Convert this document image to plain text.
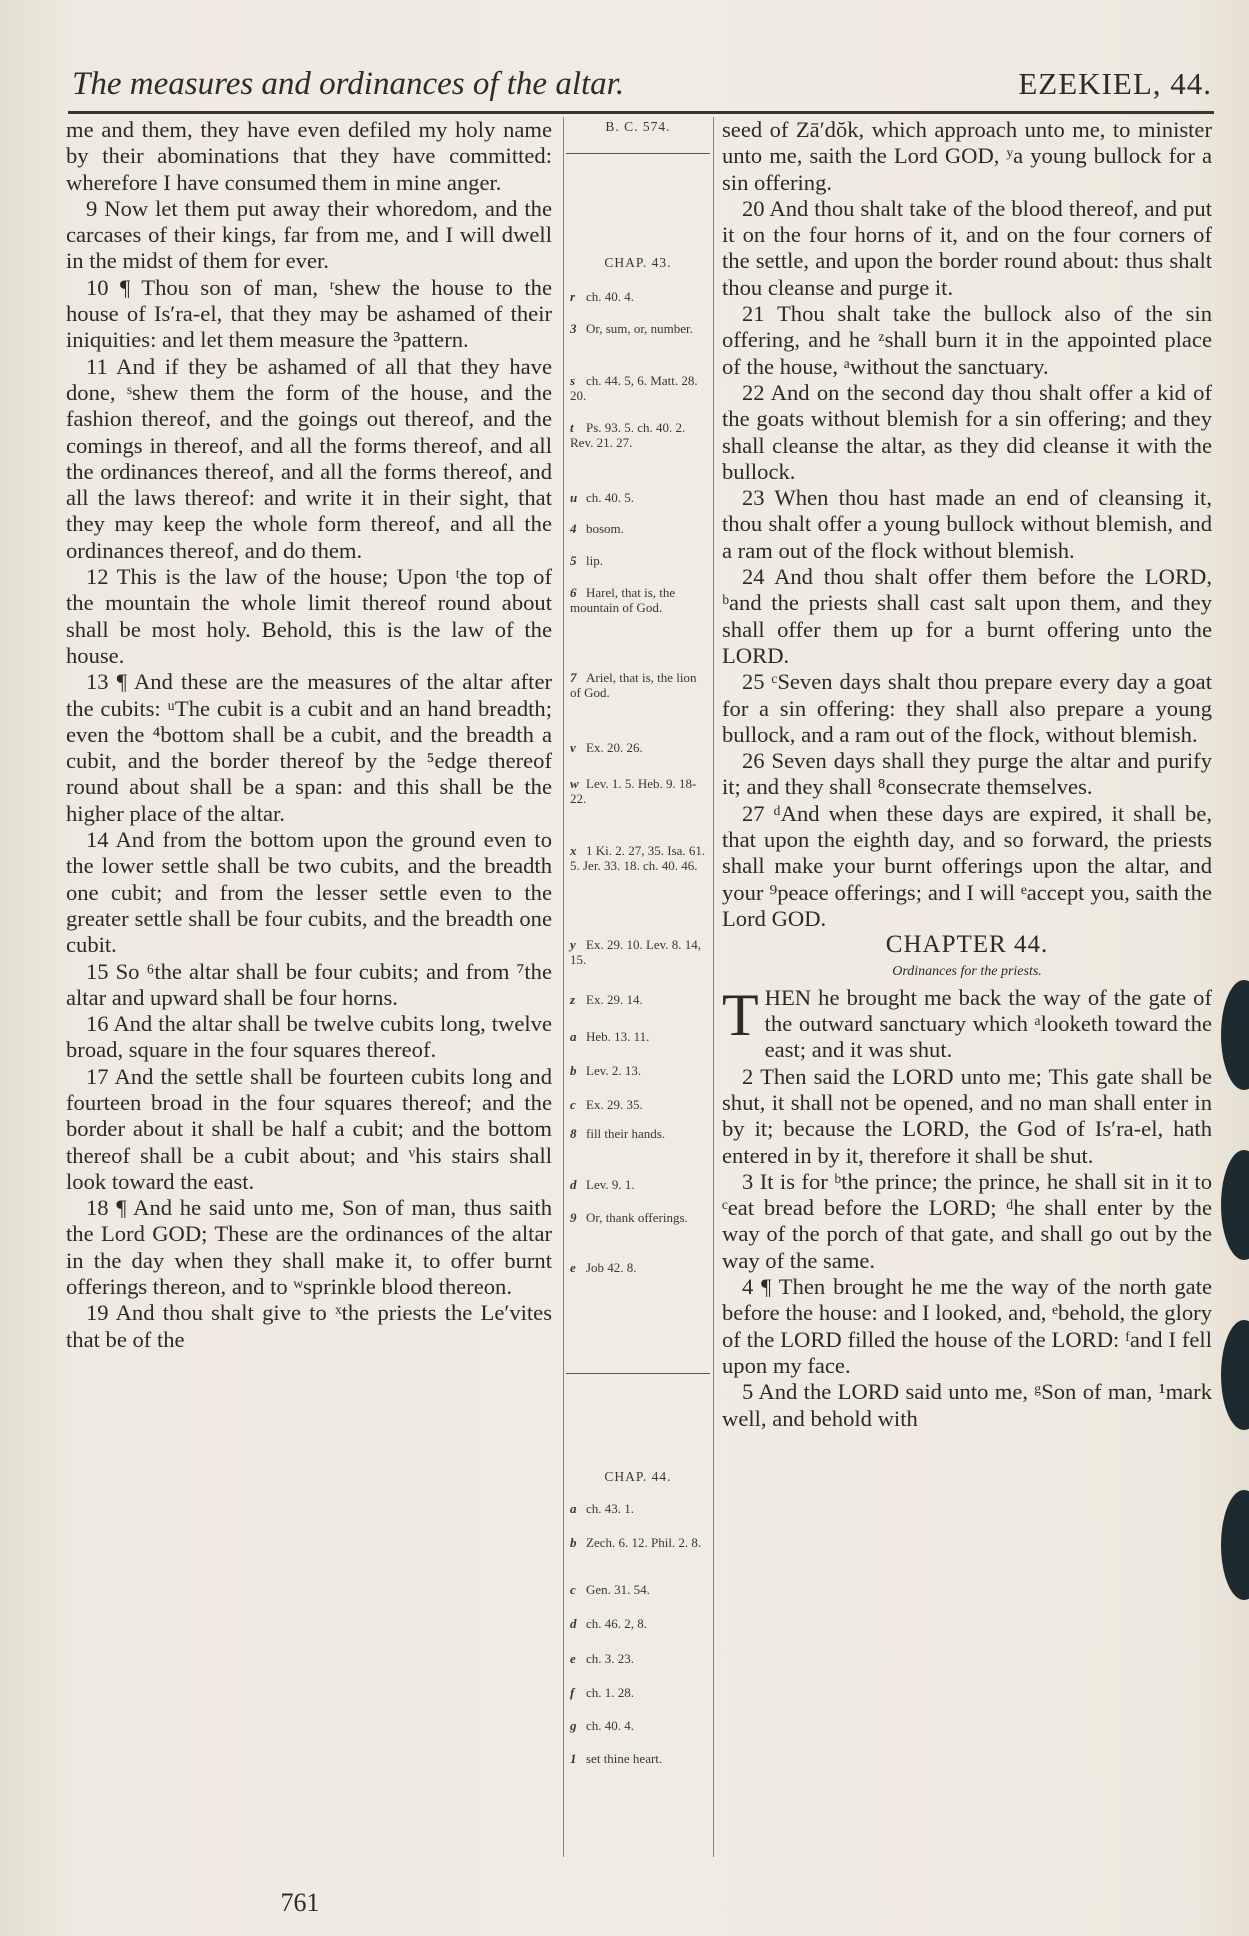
The measures and ordinances of the altar.	EZEKIEL, 44.

me and them, they have even defiled my holy name by their abominations that they have committed: wherefore I have consumed them in mine anger.

9 Now let them put away their whoredom, and the carcases of their kings, far from me, and I will dwell in the midst of them for ever.

10 ¶ Thou son of man, ʳshew the house to the house of Is′ra-el, that they may be ashamed of their iniquities: and let them measure the ³pattern.

11 And if they be ashamed of all that they have done, ˢshew them the form of the house, and the fashion thereof, and the goings out thereof, and the comings in thereof, and all the forms thereof, and all the ordinances thereof, and all the forms thereof, and all the laws thereof: and write it in their sight, that they may keep the whole form thereof, and all the ordinances thereof, and do them.

12 This is the law of the house; Upon ᵗthe top of the mountain the whole limit thereof round about shall be most holy. Behold, this is the law of the house.

13 ¶ And these are the measures of the altar after the cubits: ᵘThe cubit is a cubit and an hand breadth; even the ⁴bottom shall be a cubit, and the breadth a cubit, and the border thereof by the ⁵edge thereof round about shall be a span: and this shall be the higher place of the altar.

14 And from the bottom upon the ground even to the lower settle shall be two cubits, and the breadth one cubit; and from the lesser settle even to the greater settle shall be four cubits, and the breadth one cubit.

15 So ⁶the altar shall be four cubits; and from ⁷the altar and upward shall be four horns.

16 And the altar shall be twelve cubits long, twelve broad, square in the four squares thereof.

17 And the settle shall be fourteen cubits long and fourteen broad in the four squares thereof; and the border about it shall be half a cubit; and the bottom thereof shall be a cubit about; and ᵛhis stairs shall look toward the east.

18 ¶ And he said unto me, Son of man, thus saith the Lord GOD; These are the ordinances of the altar in the day when they shall make it, to offer burnt offerings thereon, and to ʷsprinkle blood thereon.

19 And thou shalt give to ˣthe priests the Le′vites that be of the

B. C. 574.
CHAP. 43.
r ch. 40. 4.
3 Or, sum, or, number.
s ch. 44. 5, 6. Matt. 28. 20.
t Ps. 93. 5. ch. 40. 2. Rev. 21. 27.
u ch. 40. 5.
4 bosom.
5 lip.
6 Harel, that is, the mountain of God.
7 Ariel, that is, the lion of God.
v Ex. 20. 26.
w Lev. 1. 5. Heb. 9. 18-22.
x 1 Ki. 2. 27, 35. Isa. 61. 5. Jer. 33. 18. ch. 40. 46.
y Ex. 29. 10. Lev. 8. 14, 15.
z Ex. 29. 14.
a Heb. 13. 11.
b Lev. 2. 13.
c Ex. 29. 35.
8 fill their hands.
d Lev. 9. 1.
9 Or, thank offerings.
e Job 42. 8.
CHAP. 44.
a ch. 43. 1.
b Zech. 6. 12. Phil. 2. 8.
c Gen. 31. 54.
d ch. 46. 2, 8.
e ch. 3. 23.
f ch. 1. 28.
g ch. 40. 4.
1 set thine heart.

seed of Zā′dŏk, which approach unto me, to minister unto me, saith the Lord GOD, ʸa young bullock for a sin offering.

20 And thou shalt take of the blood thereof, and put it on the four horns of it, and on the four corners of the settle, and upon the border round about: thus shalt thou cleanse and purge it.

21 Thou shalt take the bullock also of the sin offering, and he ᶻshall burn it in the appointed place of the house, ᵃwithout the sanctuary.

22 And on the second day thou shalt offer a kid of the goats without blemish for a sin offering; and they shall cleanse the altar, as they did cleanse it with the bullock.

23 When thou hast made an end of cleansing it, thou shalt offer a young bullock without blemish, and a ram out of the flock without blemish.

24 And thou shalt offer them before the LORD, ᵇand the priests shall cast salt upon them, and they shall offer them up for a burnt offering unto the LORD.

25 ᶜSeven days shalt thou prepare every day a goat for a sin offering: they shall also prepare a young bullock, and a ram out of the flock, without blemish.

26 Seven days shall they purge the altar and purify it; and they shall ⁸consecrate themselves.

27 ᵈAnd when these days are expired, it shall be, that upon the eighth day, and so forward, the priests shall make your burnt offerings upon the altar, and your ⁹peace offerings; and I will ᵉaccept you, saith the Lord GOD.

CHAPTER 44.

Ordinances for the priests.

THEN he brought me back the way of the gate of the outward sanctuary which ᵃlooketh toward the east; and it was shut.

2 Then said the LORD unto me; This gate shall be shut, it shall not be opened, and no man shall enter in by it; because the LORD, the God of Is′ra-el, hath entered in by it, therefore it shall be shut.

3 It is for ᵇthe prince; the prince, he shall sit in it to ᶜeat bread before the LORD; ᵈhe shall enter by the way of the porch of that gate, and shall go out by the way of the same.

4 ¶ Then brought he me the way of the north gate before the house: and I looked, and, ᵉbehold, the glory of the LORD filled the house of the LORD: ᶠand I fell upon my face.

5 And the LORD said unto me, ᵍSon of man, ¹mark well, and behold with

761
